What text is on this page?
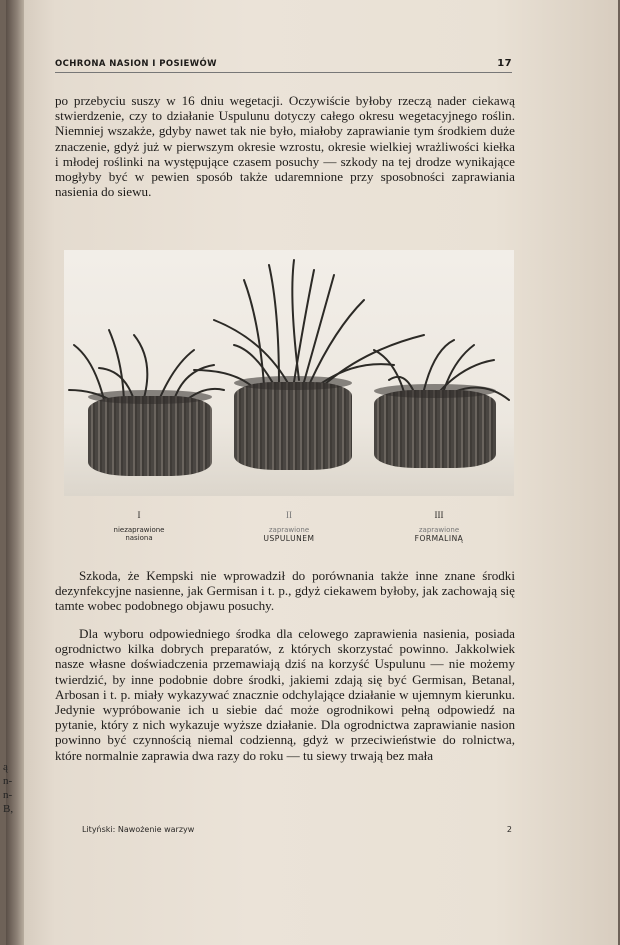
ą
n-
n-
B,
OCHRONA NASION I POSIEWÓW	17

po przebyciu suszy w 16 dniu wegetacji. Oczywiście byłoby rzeczą nader ciekawą stwierdzenie, czy to działanie Uspulunu dotyczy całego okresu wegetacyjnego roślin. Niemniej wszakże, gdyby nawet tak nie było, miałoby zaprawianie tym środkiem duże znaczenie, gdyż już w pierwszym okresie wzrostu, okresie wielkiej wrażliwości kiełka i młodej roślinki na występujące czasem posuchy — szkody na tej drodze wynikające mogłyby być w pewien sposób także udaremnione przy sposobności zaprawiania nasienia do siewu.

I
niezaprawione
nasiona
II
zaprawione
USPULUNEM
III
zaprawione
FORMALINĄ

Szkoda, że Kempski nie wprowadził do porównania także inne znane środki dezynfekcyjne nasienne, jak Germisan i t. p., gdyż ciekawem byłoby, jak zachowają się tamte wobec podobnego objawu posuchy.

Dla wyboru odpowiedniego środka dla celowego zaprawienia nasienia, posiada ogrodnictwo kilka dobrych preparatów, z których skorzystać powinno. Jakkolwiek nasze własne doświadczenia przemawiają dziś na korzyść Uspulunu — nie możemy twierdzić, by inne podobnie dobre środki, jakiemi zdają się być Germisan, Betanal, Arbosan i t. p. miały wykazywać znacznie odchylające działanie w ujemnym kierunku. Jedynie wypróbowanie ich u siebie dać może ogrodnikowi pełną odpowiedź na pytanie, który z nich wykazuje wyższe działanie. Dla ogrodnictwa zaprawianie nasion powinno być czynnością niemal codzienną, gdyż w przeciwieństwie do rolnictwa, które normalnie zaprawia dwa razy do roku — tu siewy trwają bez mała

Lityński: Nawożenie warzyw	2
